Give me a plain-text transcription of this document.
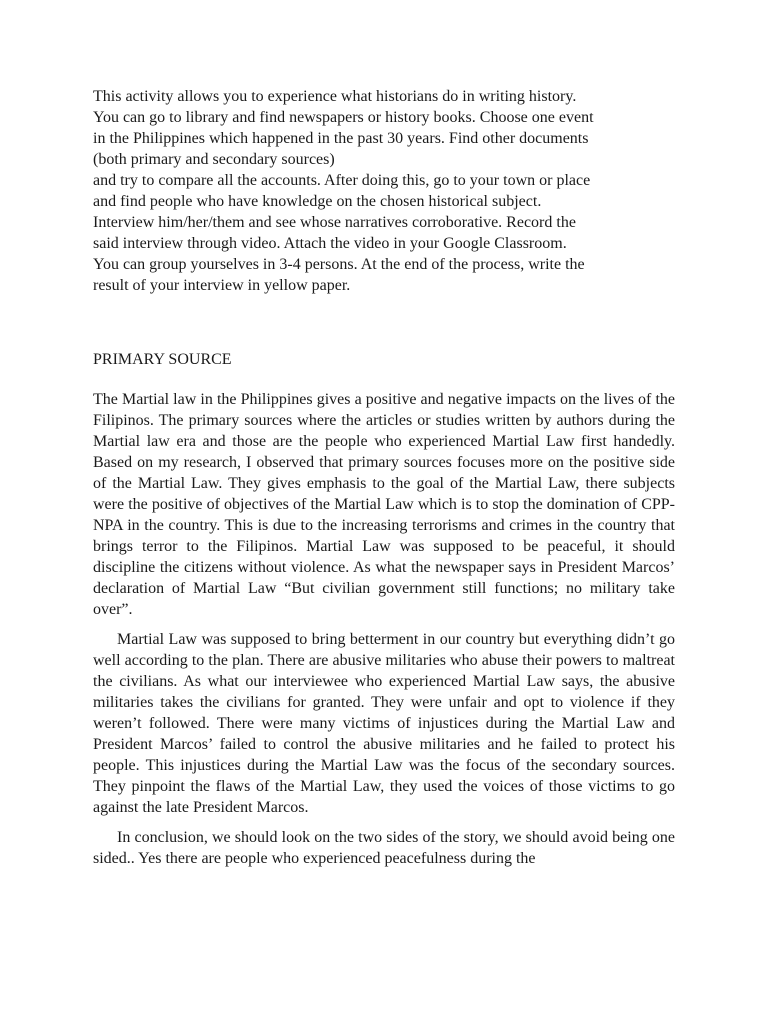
This activity allows you to experience what historians do in writing history.
You can go to library and find newspapers or history books. Choose one event
in the Philippines which happened in the past 30 years. Find other documents
(both primary and secondary sources)
and try to compare all the accounts. After doing this, go to your town or place
and find people who have knowledge on the chosen historical subject.
Interview him/her/them and see whose narratives corroborative. Record the
said interview through video. Attach the video in your Google Classroom.
You can group yourselves in 3-4 persons. At the end of the process, write the
result of your interview in yellow paper.
PRIMARY SOURCE

The Martial law in the Philippines gives a positive and negative impacts on the lives of the Filipinos. The primary sources where the articles or studies written by authors during the Martial law era and those are the people who experienced Martial Law first handedly. Based on my research, I observed that primary sources focuses more on the positive side of the Martial Law. They gives emphasis to the goal of the Martial Law, there subjects were the positive of objectives of the Martial Law which is to stop the domination of CPP-NPA in the country. This is due to the increasing terrorisms and crimes in the country that brings terror to the Filipinos. Martial Law was supposed to be peaceful, it should discipline the citizens without violence. As what the newspaper says in President Marcos’ declaration of Martial Law “But civilian government still functions; no military take over”.

Martial Law was supposed to bring betterment in our country but everything didn’t go well according to the plan. There are abusive militaries who abuse their powers to maltreat the civilians. As what our interviewee who experienced Martial Law says, the abusive militaries takes the civilians for granted. They were unfair and opt to violence if they weren’t followed. There were many victims of injustices during the Martial Law and President Marcos’ failed to control the abusive militaries and he failed to protect his people. This injustices during the Martial Law was the focus of the secondary sources. They pinpoint the flaws of the Martial Law, they used the voices of those victims to go against the late President Marcos.

In conclusion, we should look on the two sides of the story, we should avoid being one sided.. Yes there are people who experienced peacefulness during the
